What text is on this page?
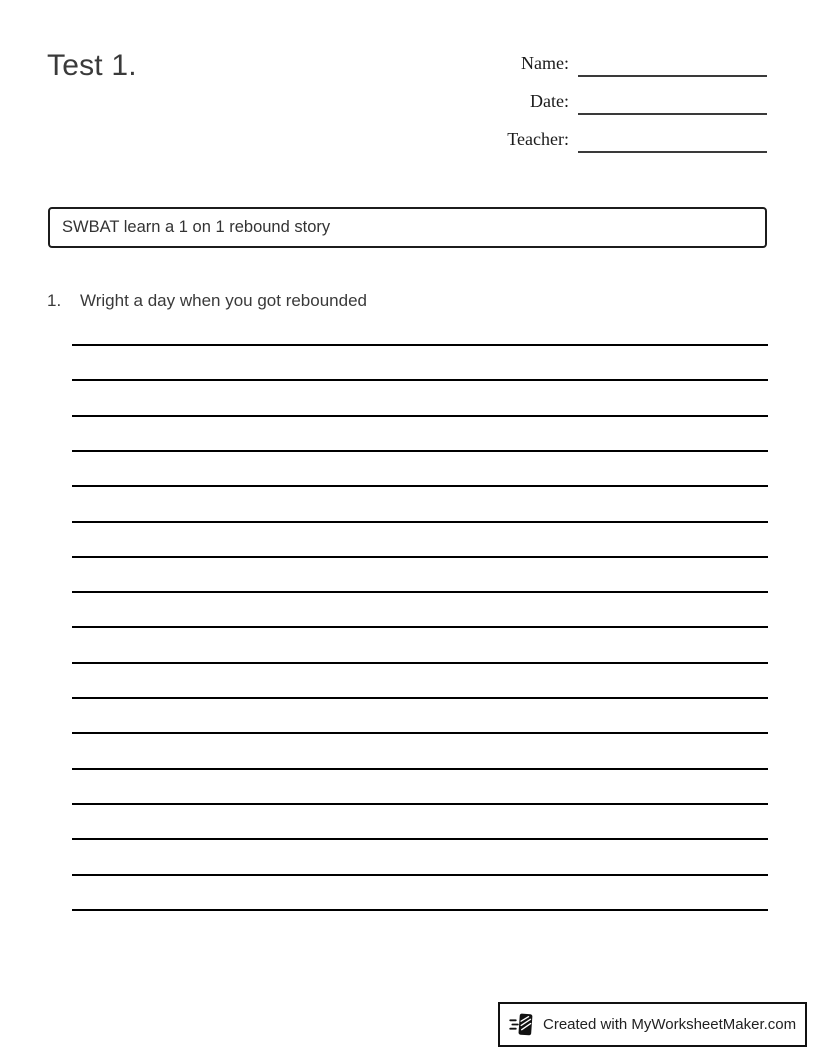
Test 1.	Name:
Date:
Teacher:
SWBAT learn a 1 on 1 rebound story
1.	Wright a day when you got rebounded
Created with MyWorksheetMaker.com
